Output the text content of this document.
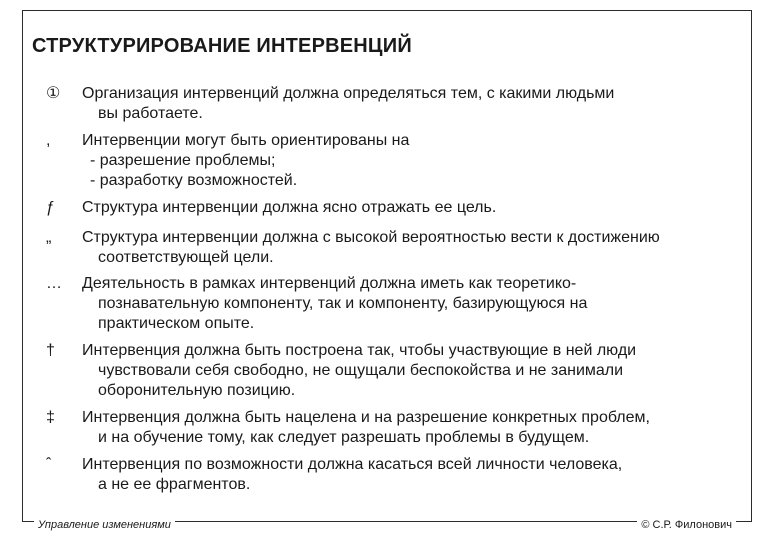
СТРУКТУРИРОВАНИЕ ИНТЕРВЕНЦИЙ
①	Организация интервенций должна определяться тем, с какими людьми
вы работаете.
,	Интервенции могут быть ориентированы на
- разрешение проблемы;
- разработку возможностей.
ƒ	Структура интервенции должна ясно отражать ее цель.
„	Структура интервенции должна с высокой вероятностью вести к достижению
соответствующей цели.
…	Деятельность в рамках интервенций должна иметь как теоретико-
познавательную компоненту, так и компоненту, базирующуюся на
практическом опыте.
†	Интервенция должна быть построена так, чтобы участвующие в ней люди
чувствовали себя свободно, не ощущали беспокойства и не занимали
оборонительную позицию.
‡	Интервенция должна быть нацелена и на разрешение конкретных проблем,
и на обучение тому, как следует разрешать проблемы в будущем.
ˆ	Интервенция по возможности должна касаться всей личности человека,
а не ее фрагментов.
Управление изменениями	© С.Р. Филонович
